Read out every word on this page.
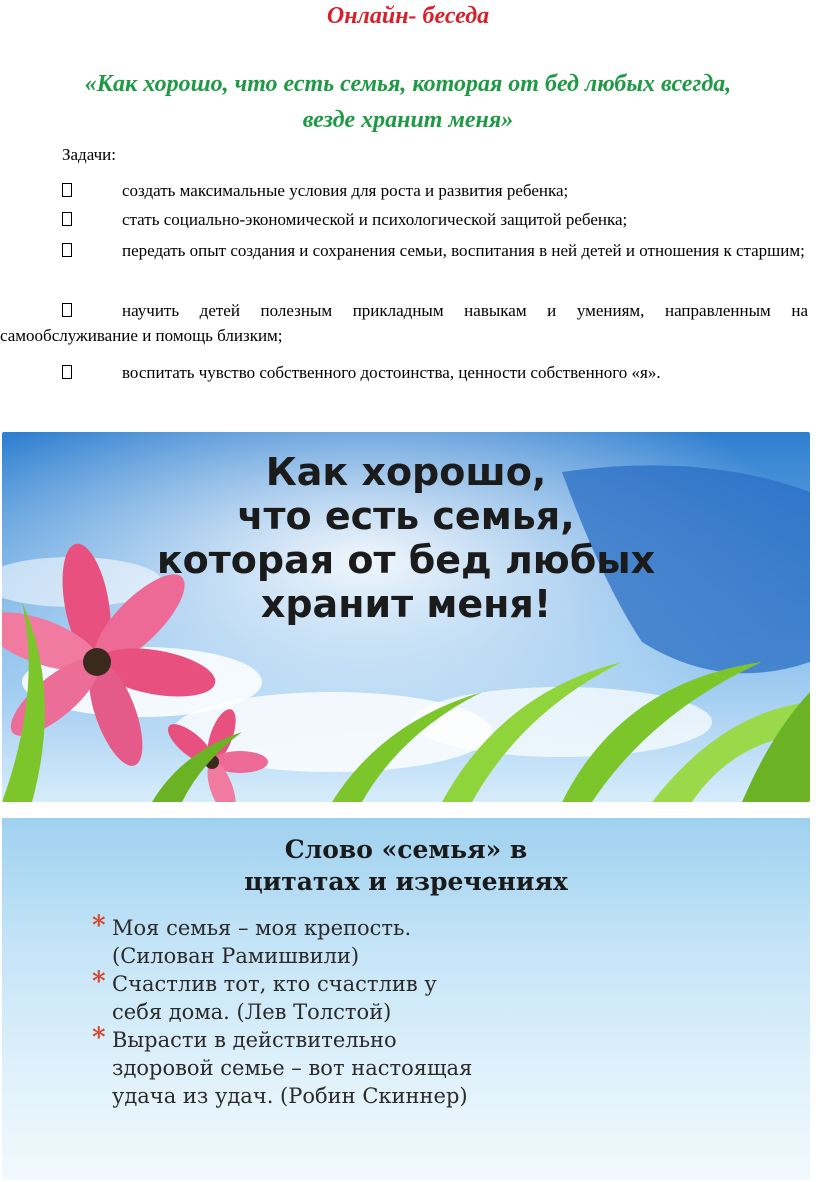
Онлайн- беседа
«Как хорошо, что есть семья, которая от бед любых всегда,
везде хранит меня»
Задачи:
создать максимальные условия для роста и развития ребенка;
стать социально-экономической и психологической защитой ребенка;
передать опыт создания и сохранения семьи, воспитания в ней детей и отношения к старшим;
научить детей полезным прикладным навыкам и умениям, направленным на самообслуживание и помощь близким;
воспитать чувство собственного достоинства, ценности собственного «я».
Как хорошо,
что есть семья,
которая от бед любых
хранит меня!
Слово «семья» в
цитатах и изречениях
* Моя семья – моя крепость.
(Силован Рамишвили)
* Счастлив тот, кто счастлив у
себя дома. (Лев Толстой)
* Вырасти в действительно
здоровой семье – вот настоящая
удача из удач. (Робин Скиннер)
